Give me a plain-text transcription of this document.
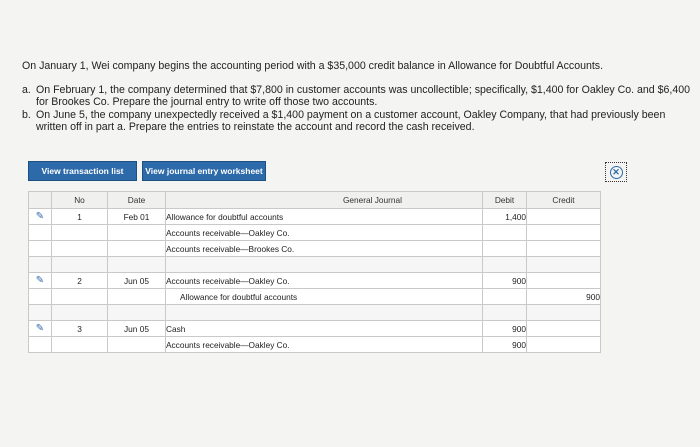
On January 1, Wei company begins the accounting period with a $35,000 credit balance in Allowance for Doubtful Accounts.

a. On February 1, the company determined that $7,800 in customer accounts was uncollectible; specifically, $1,400 for Oakley Co. and $6,400 for Brookes Co. Prepare the journal entry to write off those two accounts.
b. On June 5, the company unexpectedly received a $1,400 payment on a customer account, Oakley Company, that had previously been written off in part a. Prepare the entries to reinstate the account and record the cash received.
View transaction list	View journal entry worksheet	✕
	No	Date	General Journal	Debit	Credit
✎	1	Feb 01	Allowance for doubtful accounts	1,400	
			Accounts receivable—Oakley Co.		
			Accounts receivable—Brookes Co.		

✎	2	Jun 05	Accounts receivable—Oakley Co.	900	
			Allowance for doubtful accounts		900

✎	3	Jun 05	Cash	900	
			Accounts receivable—Oakley Co.	900	
